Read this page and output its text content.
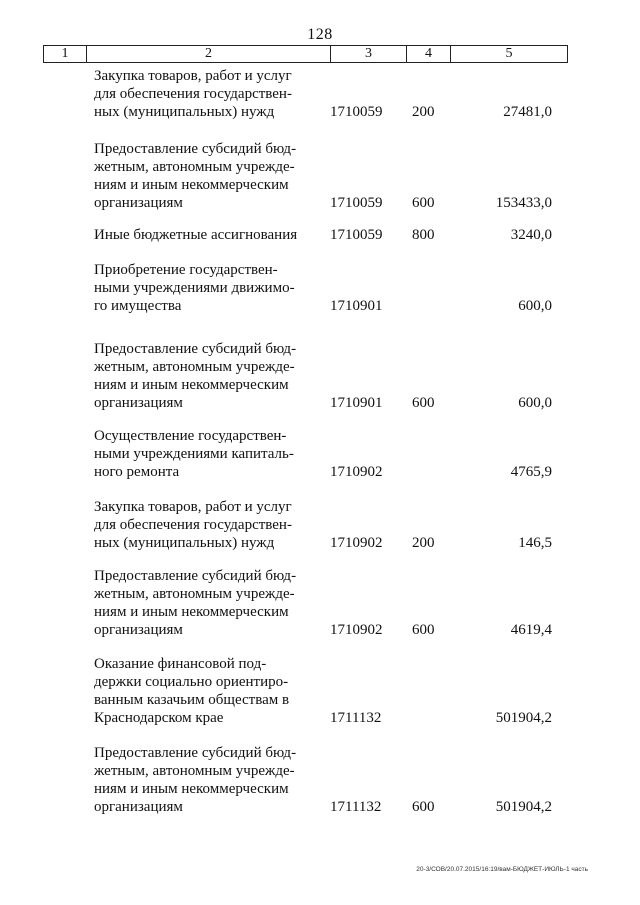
128
1	2	3	4	5
Закупка товаров, работ и услуг
для обеспечения государствен-
ных (муниципальных) нужд	1710059 200	27481,0
Предоставление субсидий бюд-
жетным, автономным учрежде-
ниям и иным некоммерческим
организациям	1710059 600	153433,0
Иные бюджетные ассигнования	1710059 800	3240,0
Приобретение государствен-
ными учреждениями движимо-
го имущества	1710901	600,0
Предоставление субсидий бюд-
жетным, автономным учрежде-
ниям и иным некоммерческим
организациям	1710901 600	600,0
Осуществление государствен-
ными учреждениями капиталь-
ного ремонта	1710902	4765,9
Закупка товаров, работ и услуг
для обеспечения государствен-
ных (муниципальных) нужд	1710902 200	146,5
Предоставление субсидий бюд-
жетным, автономным учрежде-
ниям и иным некоммерческим
организациям	1710902 600	4619,4
Оказание финансовой под-
держки социально ориентиро-
ванным казачьим обществам в
Краснодарском крае	1711132	501904,2
Предоставление субсидий бюд-
жетным, автономным учрежде-
ниям и иным некоммерческим
организациям	1711132 600	501904,2
20-3/СОВ/20.07.2015/16:19/вам-БЮДЖЕТ-ИЮЛЬ-1 часть
